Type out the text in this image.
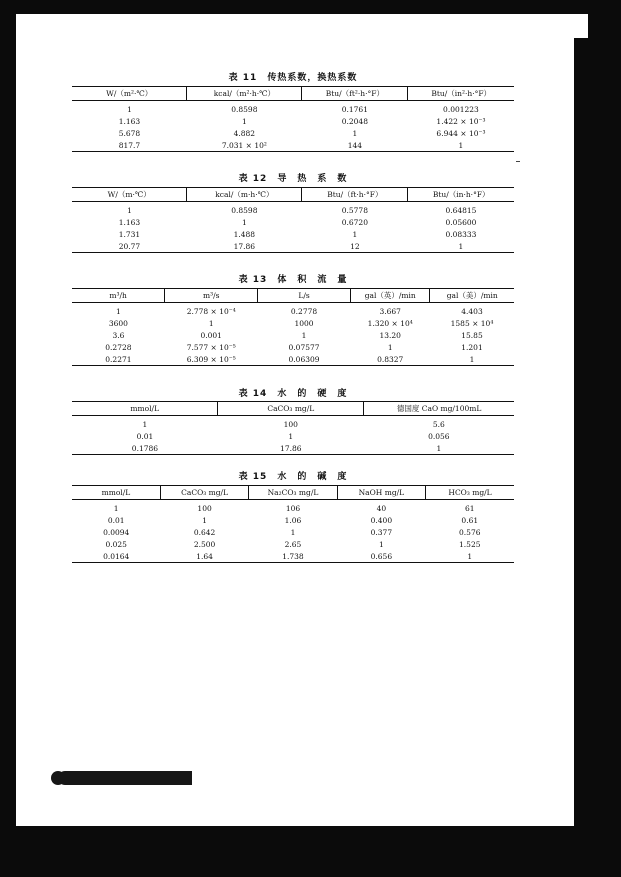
表 11　传热系数，换热系数
W/（m²·℃）	kcal/（m²·h·℃）	Btu/（ft²·h·°F）	Btu/（in²·h·°F）
1	0.8598	0.1761	0.001223
1.163	1	0.2048	1.422 × 10⁻³
5.678	4.882	1	6.944 × 10⁻³
817.7	7.031 × 10²	144	1
表 12　导　热　系　数
W/（m·℃）	kcal/（m·h·℃）	Btu/（ft·h·°F）	Btu/（in·h·°F）
1	0.8598	0.5778	0.64815
1.163	1	0.6720	0.05600
1.731	1.488	1	0.08333
20.77	17.86	12	1
表 13　体　积　流　量
m³/h	m³/s	L/s	gal（英）/min	gal（美）/min
1	2.778 × 10⁻⁴	0.2778	3.667	4.403
3600	1	1000	1.320 × 10⁴	1585 × 10⁴
3.6	0.001	1	13.20	15.85
0.2728	7.577 × 10⁻⁵	0.07577	1	1.201
0.2271	6.309 × 10⁻⁵	0.06309	0.8327	1
表 14　水　的　硬　度
mmol/L	CaCO₃ mg/L	德国度 CaO mg/100mL
1	100	5.6
0.01	1	0.056
0.1786	17.86	1
表 15　水　的　碱　度
mmol/L	CaCO₃ mg/L	Na₂CO₃ mg/L	NaOH mg/L	HCO₃ mg/L
1	100	106	40	61
0.01	1	1.06	0.400	0.61
0.0094	0.642	1	0.377	0.576
0.025	2.500	2.65	1	1.525
0.0164	1.64	1.738	0.656	1
